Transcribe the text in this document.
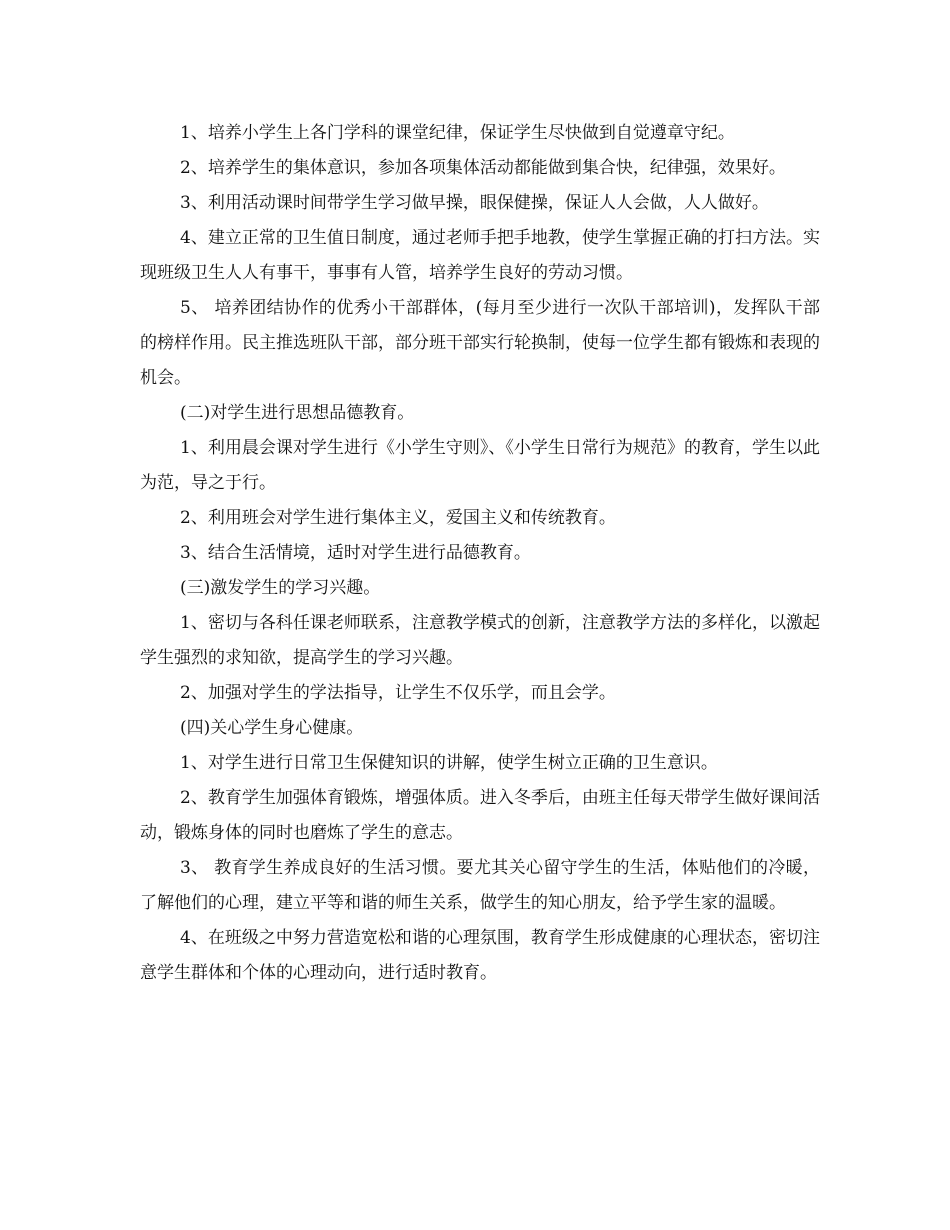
1、培养小学生上各门学科的课堂纪律，保证学生尽快做到自觉遵章守纪。

2、培养学生的集体意识，参加各项集体活动都能做到集合快，纪律强，效果好。

3、利用活动课时间带学生学习做早操，眼保健操，保证人人会做，人人做好。

4、建立正常的卫生值日制度，通过老师手把手地教，使学生掌握正确的打扫方法。实现班级卫生人人有事干，事事有人管，培养学生良好的劳动习惯。

5、 培养团结协作的优秀小干部群体，(每月至少进行一次队干部培训)，发挥队干部的榜样作用。民主推选班队干部，部分班干部实行轮换制，使每一位学生都有锻炼和表现的机会。

(二)对学生进行思想品德教育。

1、利用晨会课对学生进行《小学生守则》、《小学生日常行为规范》的教育，学生以此为范，导之于行。

2、利用班会对学生进行集体主义，爱国主义和传统教育。

3、结合生活情境，适时对学生进行品德教育。

(三)激发学生的学习兴趣。

1、密切与各科任课老师联系，注意教学模式的创新，注意教学方法的多样化，以激起学生强烈的求知欲，提高学生的学习兴趣。

2、加强对学生的学法指导，让学生不仅乐学，而且会学。

(四)关心学生身心健康。

1、对学生进行日常卫生保健知识的讲解，使学生树立正确的卫生意识。

2、教育学生加强体育锻炼，增强体质。进入冬季后，由班主任每天带学生做好课间活动，锻炼身体的同时也磨炼了学生的意志。

3、 教育学生养成良好的生活习惯。要尤其关心留守学生的生活，体贴他们的冷暖，了解他们的心理，建立平等和谐的师生关系，做学生的知心朋友，给予学生家的温暖。

4、在班级之中努力营造宽松和谐的心理氛围，教育学生形成健康的心理状态，密切注意学生群体和个体的心理动向，进行适时教育。
